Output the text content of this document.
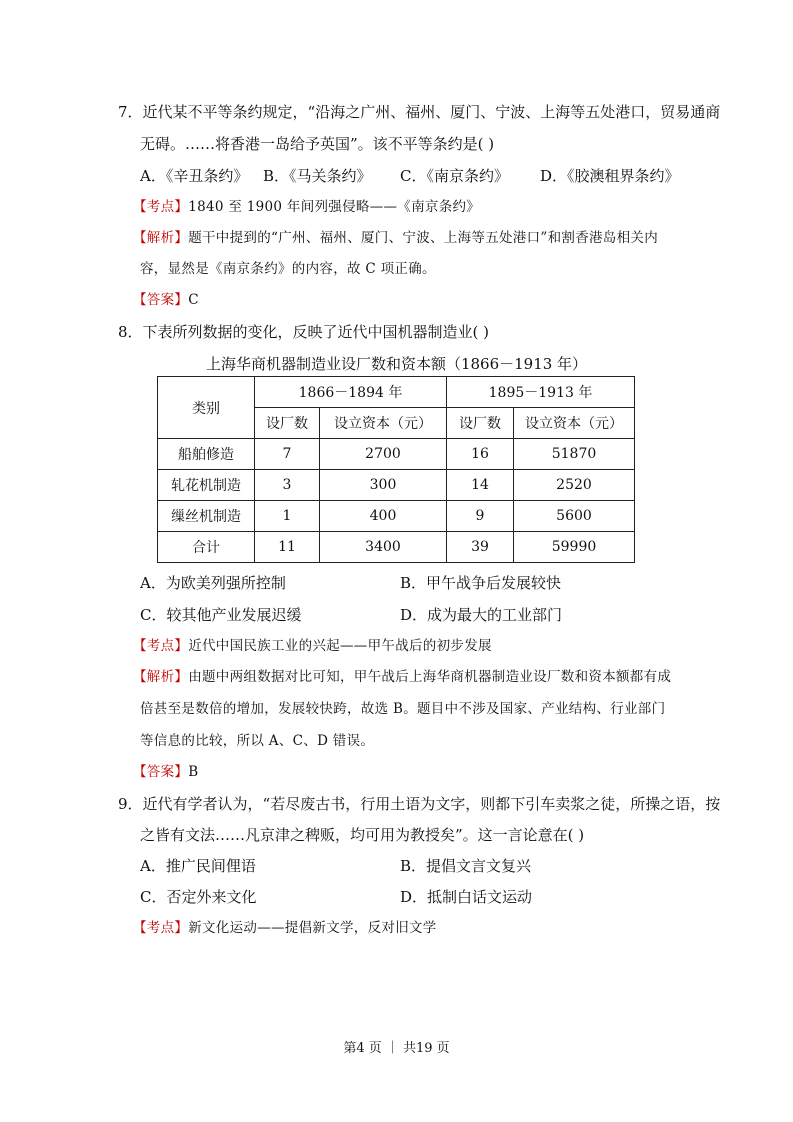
7．近代某不平等条约规定，“沿海之广州、福州、厦门、宁波、上海等五处港口，贸易通商
无碍。……将香港一岛给予英国”。该不平等条约是( )
A．《辛丑条约》 B．《马关条约》 C．《南京条约》 D．《胶澳租界条约》
【考点】1840 至 1900 年间列强侵略——《南京条约》
【解析】题干中提到的“广州、福州、厦门、宁波、上海等五处港口”和割香港岛相关内
容，显然是《南京条约》的内容，故 C 项正确。
【答案】C
8．下表所列数据的变化，反映了近代中国机器制造业( )
上海华商机器制造业设厂数和资本额（1866－1913 年）
类别	1866－1894 年		1895－1913 年	
	设厂数	设立资本（元）	设厂数	设立资本（元）
船舶修造	7	2700	16	51870
轧花机制造	3	300	14	2520
缫丝机制造	1	400	9	5600
合计	11	3400	39	59990
A．为欧美列强所控制	B．甲午战争后发展较快
C．较其他产业发展迟缓	D．成为最大的工业部门
【考点】近代中国民族工业的兴起——甲午战后的初步发展
【解析】由题中两组数据对比可知，甲午战后上海华商机器制造业设厂数和资本额都有成
倍甚至是数倍的增加，发展较快跨，故选 B。题目中不涉及国家、产业结构、行业部门
等信息的比较，所以 A、C、D 错误。
【答案】B
9．近代有学者认为，“若尽废古书，行用土语为文字，则都下引车卖浆之徒，所操之语，按
之皆有文法……凡京津之稗贩，均可用为教授矣”。这一言论意在( )
A．推广民间俚语	B．提倡文言文复兴
C．否定外来文化	D．抵制白话文运动
【考点】新文化运动——提倡新文学，反对旧文学
第4 页 ｜ 共19 页
